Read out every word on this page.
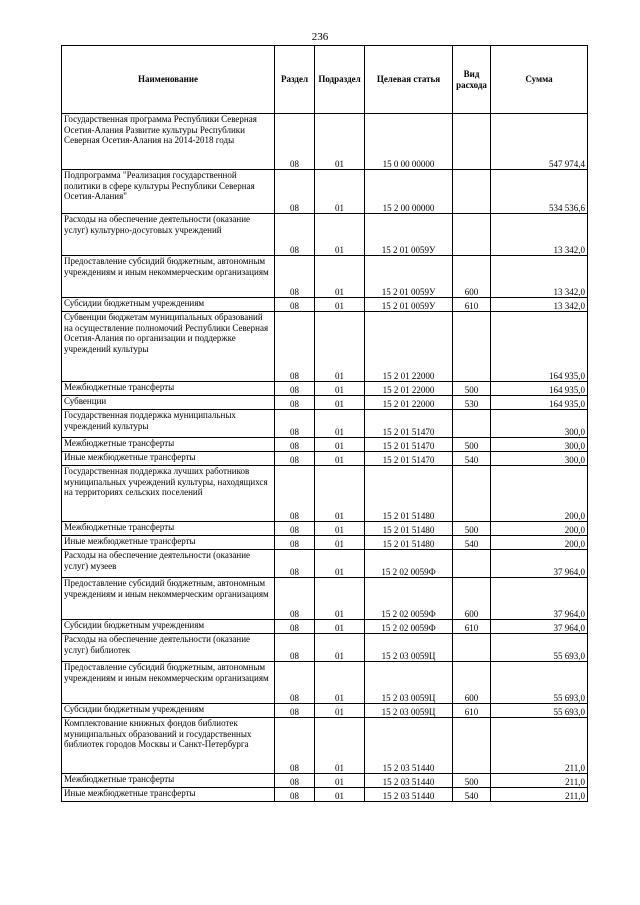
236
Наименование	Раздел	Подраздел	Целевая статья	Вид расхода	Сумма
Государственная программа Республики Северная Осетия-Алания Развитие культуры Республики Северная Осетия-Алания на 2014-2018 годы	08	01	15 0 00 00000		547 974,4
Подпрограмма "Реализация государственной политики в сфере культуры Республики Северная Осетия-Алания"	08	01	15 2 00 00000		534 536,6
Расходы на обеспечение деятельности (оказание услуг) культурно-досуговых учреждений	08	01	15 2 01 0059У		13 342,0
Предоставление субсидий бюджетным, автономным учреждениям и иным некоммерческим организациям	08	01	15 2 01 0059У	600	13 342,0
Субсидии бюджетным учреждениям	08	01	15 2 01 0059У	610	13 342,0
Субвенции бюджетам муниципальных образований на осуществление полномочий Республики Северная Осетия-Алания по организации и поддержке учреждений культуры	08	01	15 2 01 22000		164 935,0
Межбюджетные трансферты	08	01	15 2 01 22000	500	164 935,0
Субвенции	08	01	15 2 01 22000	530	164 935,0
Государственная поддержка муниципальных учреждений культуры	08	01	15 2 01 51470		300,0
Межбюджетные трансферты	08	01	15 2 01 51470	500	300,0
Иные межбюджетные трансферты	08	01	15 2 01 51470	540	300,0
Государственная поддержка лучших работников муниципальных учреждений культуры, находящихся на территориях сельских поселений	08	01	15 2 01 51480		200,0
Межбюджетные трансферты	08	01	15 2 01 51480	500	200,0
Иные межбюджетные трансферты	08	01	15 2 01 51480	540	200,0
Расходы на обеспечение деятельности (оказание услуг) музеев	08	01	15 2 02 0059Ф		37 964,0
Предоставление субсидий бюджетным, автономным учреждениям и иным некоммерческим организациям	08	01	15 2 02 0059Ф	600	37 964,0
Субсидии бюджетным учреждениям	08	01	15 2 02 0059Ф	610	37 964,0
Расходы на обеспечение деятельности (оказание услуг) библиотек	08	01	15 2 03 0059Ц		55 693,0
Предоставление субсидий бюджетным, автономным учреждениям и иным некоммерческим организациям	08	01	15 2 03 0059Ц	600	55 693,0
Субсидии бюджетным учреждениям	08	01	15 2 03 0059Ц	610	55 693,0
Комплектование книжных фондов библиотек муниципальных образований и государственных библиотек городов Москвы и Санкт-Петербурга	08	01	15 2 03 51440		211,0
Межбюджетные трансферты	08	01	15 2 03 51440	500	211,0
Иные межбюджетные трансферты	08	01	15 2 03 51440	540	211,0
